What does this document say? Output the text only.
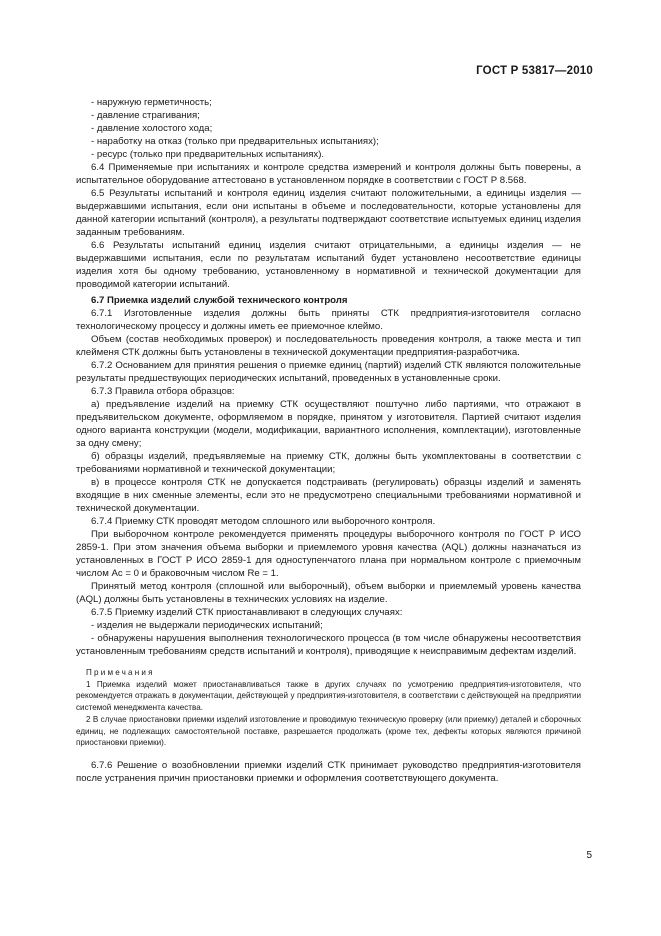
ГОСТ Р 53817—2010

- наружную герметичность;

- давление страгивания;

- давление холостого хода;

- наработку на отказ (только при предварительных испытаниях);

- ресурс (только при предварительных испытаниях).

6.4 Применяемые при испытаниях и контроле средства измерений и контроля должны быть поверены, а испытательное оборудование аттестовано в установленном порядке в соответствии с ГОСТ Р 8.568.

6.5 Результаты испытаний и контроля единиц изделия считают положительными, а единицы изделия — выдержавшими испытания, если они испытаны в объеме и последовательности, которые установлены для данной категории испытаний (контроля), а результаты подтверждают соответствие испытуемых единиц изделия заданным требованиям.

6.6 Результаты испытаний единиц изделия считают отрицательными, а единицы изделия — не выдержавшими испытания, если по результатам испытаний будет установлено несоответствие единицы изделия хотя бы одному требованию, установленному в нормативной и технической документации для проводимой категории испытаний.

6.7 Приемка изделий службой технического контроля

6.7.1 Изготовленные изделия должны быть приняты СТК предприятия-изготовителя согласно технологическому процессу и должны иметь ее приемочное клеймо.

Объем (состав необходимых проверок) и последовательность проведения контроля, а также места и тип клейменя СТК должны быть установлены в технической документации предприятия-разработчика.

6.7.2 Основанием для принятия решения о приемке единиц (партий) изделий СТК являются положительные результаты предшествующих периодических испытаний, проведенных в установленные сроки.

6.7.3 Правила отбора образцов:

а) предъявление изделий на приемку СТК осуществляют поштучно либо партиями, что отражают в предъявительском документе, оформляемом в порядке, принятом у изготовителя. Партией считают изделия одного варианта конструкции (модели, модификации, вариантного исполнения, комплектации), изготовленные за одну смену;

б) образцы изделий, предъявляемые на приемку СТК, должны быть укомплектованы в соответствии с требованиями нормативной и технической документации;

в) в процессе контроля СТК не допускается подстраивать (регулировать) образцы изделий и заменять входящие в них сменные элементы, если это не предусмотрено специальными требованиями нормативной и технической документации.

6.7.4 Приемку СТК проводят методом сплошного или выборочного контроля.

При выборочном контроле рекомендуется применять процедуры выборочного контроля по ГОСТ Р ИСО 2859-1. При этом значения объема выборки и приемлемого уровня качества (AQL) должны назначаться из установленных в ГОСТ Р ИСО 2859-1 для одноступенчатого плана при нормальном контроле с приемочным числом Ac = 0 и браковочным числом Re = 1.

Принятый метод контроля (сплошной или выборочный), объем выборки и приемлемый уровень качества (AQL) должны быть установлены в технических условиях на изделие.

6.7.5 Приемку изделий СТК приостанавливают в следующих случаях:

- изделия не выдержали периодических испытаний;

- обнаружены нарушения выполнения технологического процесса (в том числе обнаружены несоответствия установленным требованиям средств испытаний и контроля), приводящие к неисправимым дефектам изделий.

Примечания

1 Приемка изделий может приостанавливаться также в других случаях по усмотрению предприятия-изготовителя, что рекомендуется отражать в документации, действующей у предприятия-изготовителя, в соответствии с действующей на предприятии системой менеджмента качества.

2 В случае приостановки приемки изделий изготовление и проводимую техническую проверку (или приемку) деталей и сборочных единиц, не подлежащих самостоятельной поставке, разрешается продолжать (кроме тех, дефекты которых являются причиной приостановки приемки).

6.7.6 Решение о возобновлении приемки изделий СТК принимает руководство предприятия-изготовителя после устранения причин приостановки приемки и оформления соответствующего документа.

5
